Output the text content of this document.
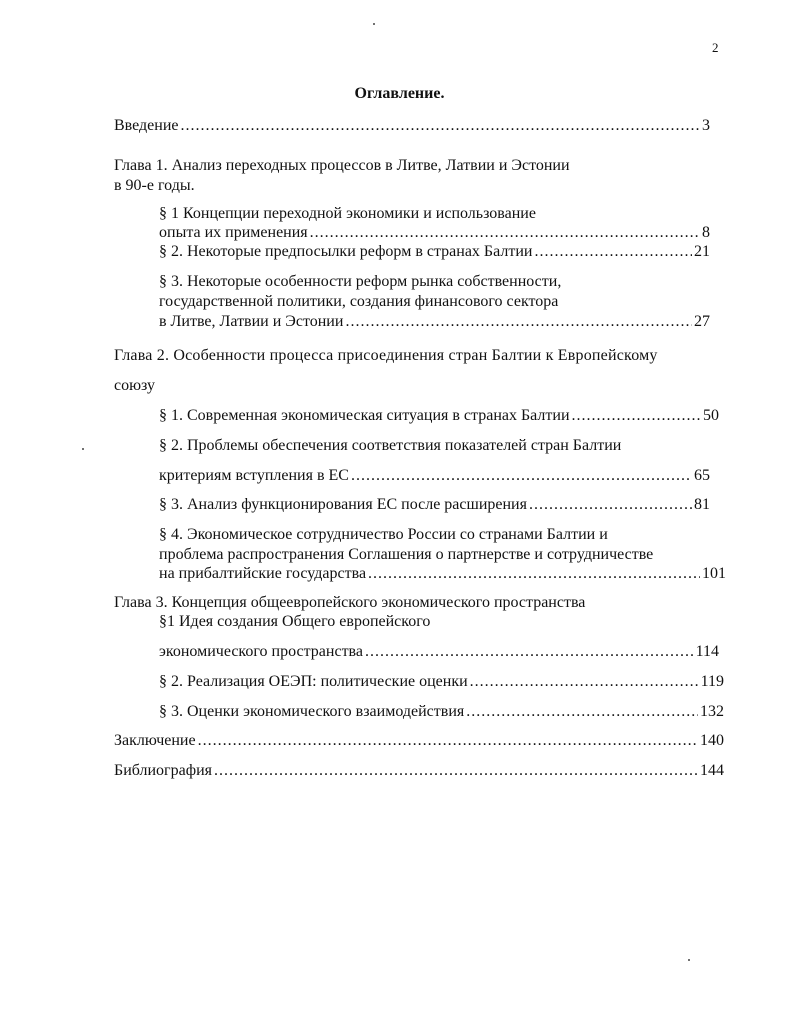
2
Оглавление.
Введение .....	3
Глава 1. Анализ переходных процессов в Литве, Латвии и Эстонии
в 90-е годы.
§ 1 Концепции переходной экономики и использование
опыта их применения .....	8
§ 2. Некоторые предпосылки реформ в странах Балтии .....	21
§ 3. Некоторые особенности реформ рынка собственности,
государственной политики, создания финансового сектора
в Литве, Латвии и Эстонии .....	27
Глава 2. Особенности процесса присоединения стран Балтии к Европейскому
союзу
§ 1. Современная экономическая ситуация в странах Балтии .....	50
§ 2. Проблемы обеспечения соответствия показателей стран Балтии
критериям вступления в ЕС .....	65
§ 3. Анализ функционирования ЕС после расширения .....	81
§ 4. Экономическое сотрудничество России со странами Балтии и
проблема распространения Соглашения о партнерстве и сотрудничестве
на прибалтийские государства .....	101
Глава 3. Концепция общеевропейского экономического пространства
§1 Идея создания Общего европейского
экономического пространства .....	114
§ 2. Реализация ОЕЭП: политические оценки .....	119
§ 3. Оценки экономического взаимодействия .....	132
Заключение .....	140
Библиография .....	144
